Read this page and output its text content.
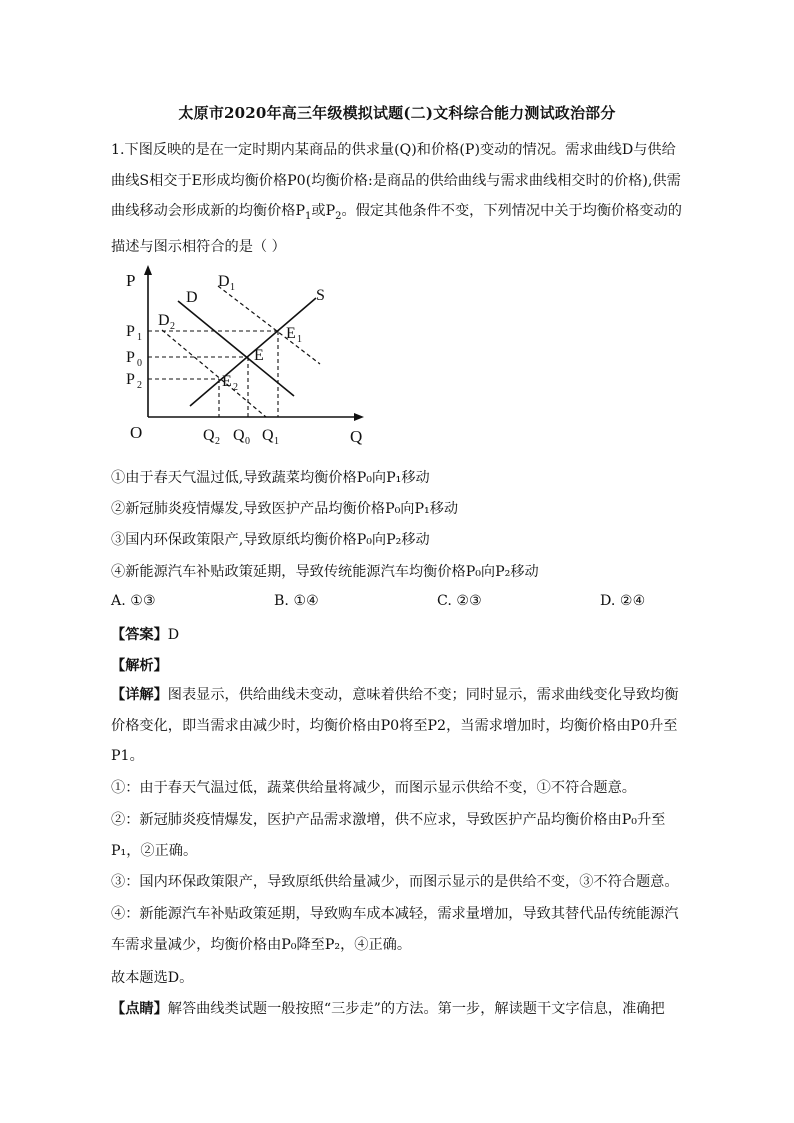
太原市2020年高三年级模拟试题(二)文科综合能力测试政治部分
1.下图反映的是在一定时期内某商品的供求量(Q)和价格(P)变动的情况。需求曲线D与供给曲线S相交于E形成均衡价格P0(均衡价格:是商品的供给曲线与需求曲线相交时的价格),供需曲线移动会形成新的均衡价格$P_1$或$P_2$。假定其他条件不变，下列情况中关于均衡价格变动的描述与图示相符合的是（ ）
P
Q
O
P 1
P 0
P 2
Q 2 Q 0 Q 1
D
D 1
D 2
S
E
E 1
E 2
①由于春天气温过低,导致蔬菜均衡价格P₀向P₁移动
②新冠肺炎疫情爆发,导致医护产品均衡价格P₀向P₁移动
③国内环保政策限产,导致原纸均衡价格P₀向P₂移动
④新能源汽车补贴政策延期，导致传统能源汽车均衡价格P₀向P₂移动
A. ①③	B. ①④	C. ②③	D. ②④
【答案】D
【解析】
【详解】图表显示，供给曲线未变动，意味着供给不变；同时显示，需求曲线变化导致均衡价格变化，即当需求由减少时，均衡价格由P0将至P2，当需求增加时，均衡价格由P0升至P1。
①：由于春天气温过低，蔬菜供给量将减少，而图示显示供给不变，①不符合题意。
②：新冠肺炎疫情爆发，医护产品需求激增，供不应求，导致医护产品均衡价格由P₀升至P₁，②正确。
③：国内环保政策限产，导致原纸供给量减少，而图示显示的是供给不变，③不符合题意。
④：新能源汽车补贴政策延期，导致购车成本减轻，需求量增加，导致其替代品传统能源汽车需求量减少，均衡价格由P₀降至P₂，④正确。
故本题选D。
【点睛】解答曲线类试题一般按照“三步走”的方法。第一步，解读题干文字信息，准确把
